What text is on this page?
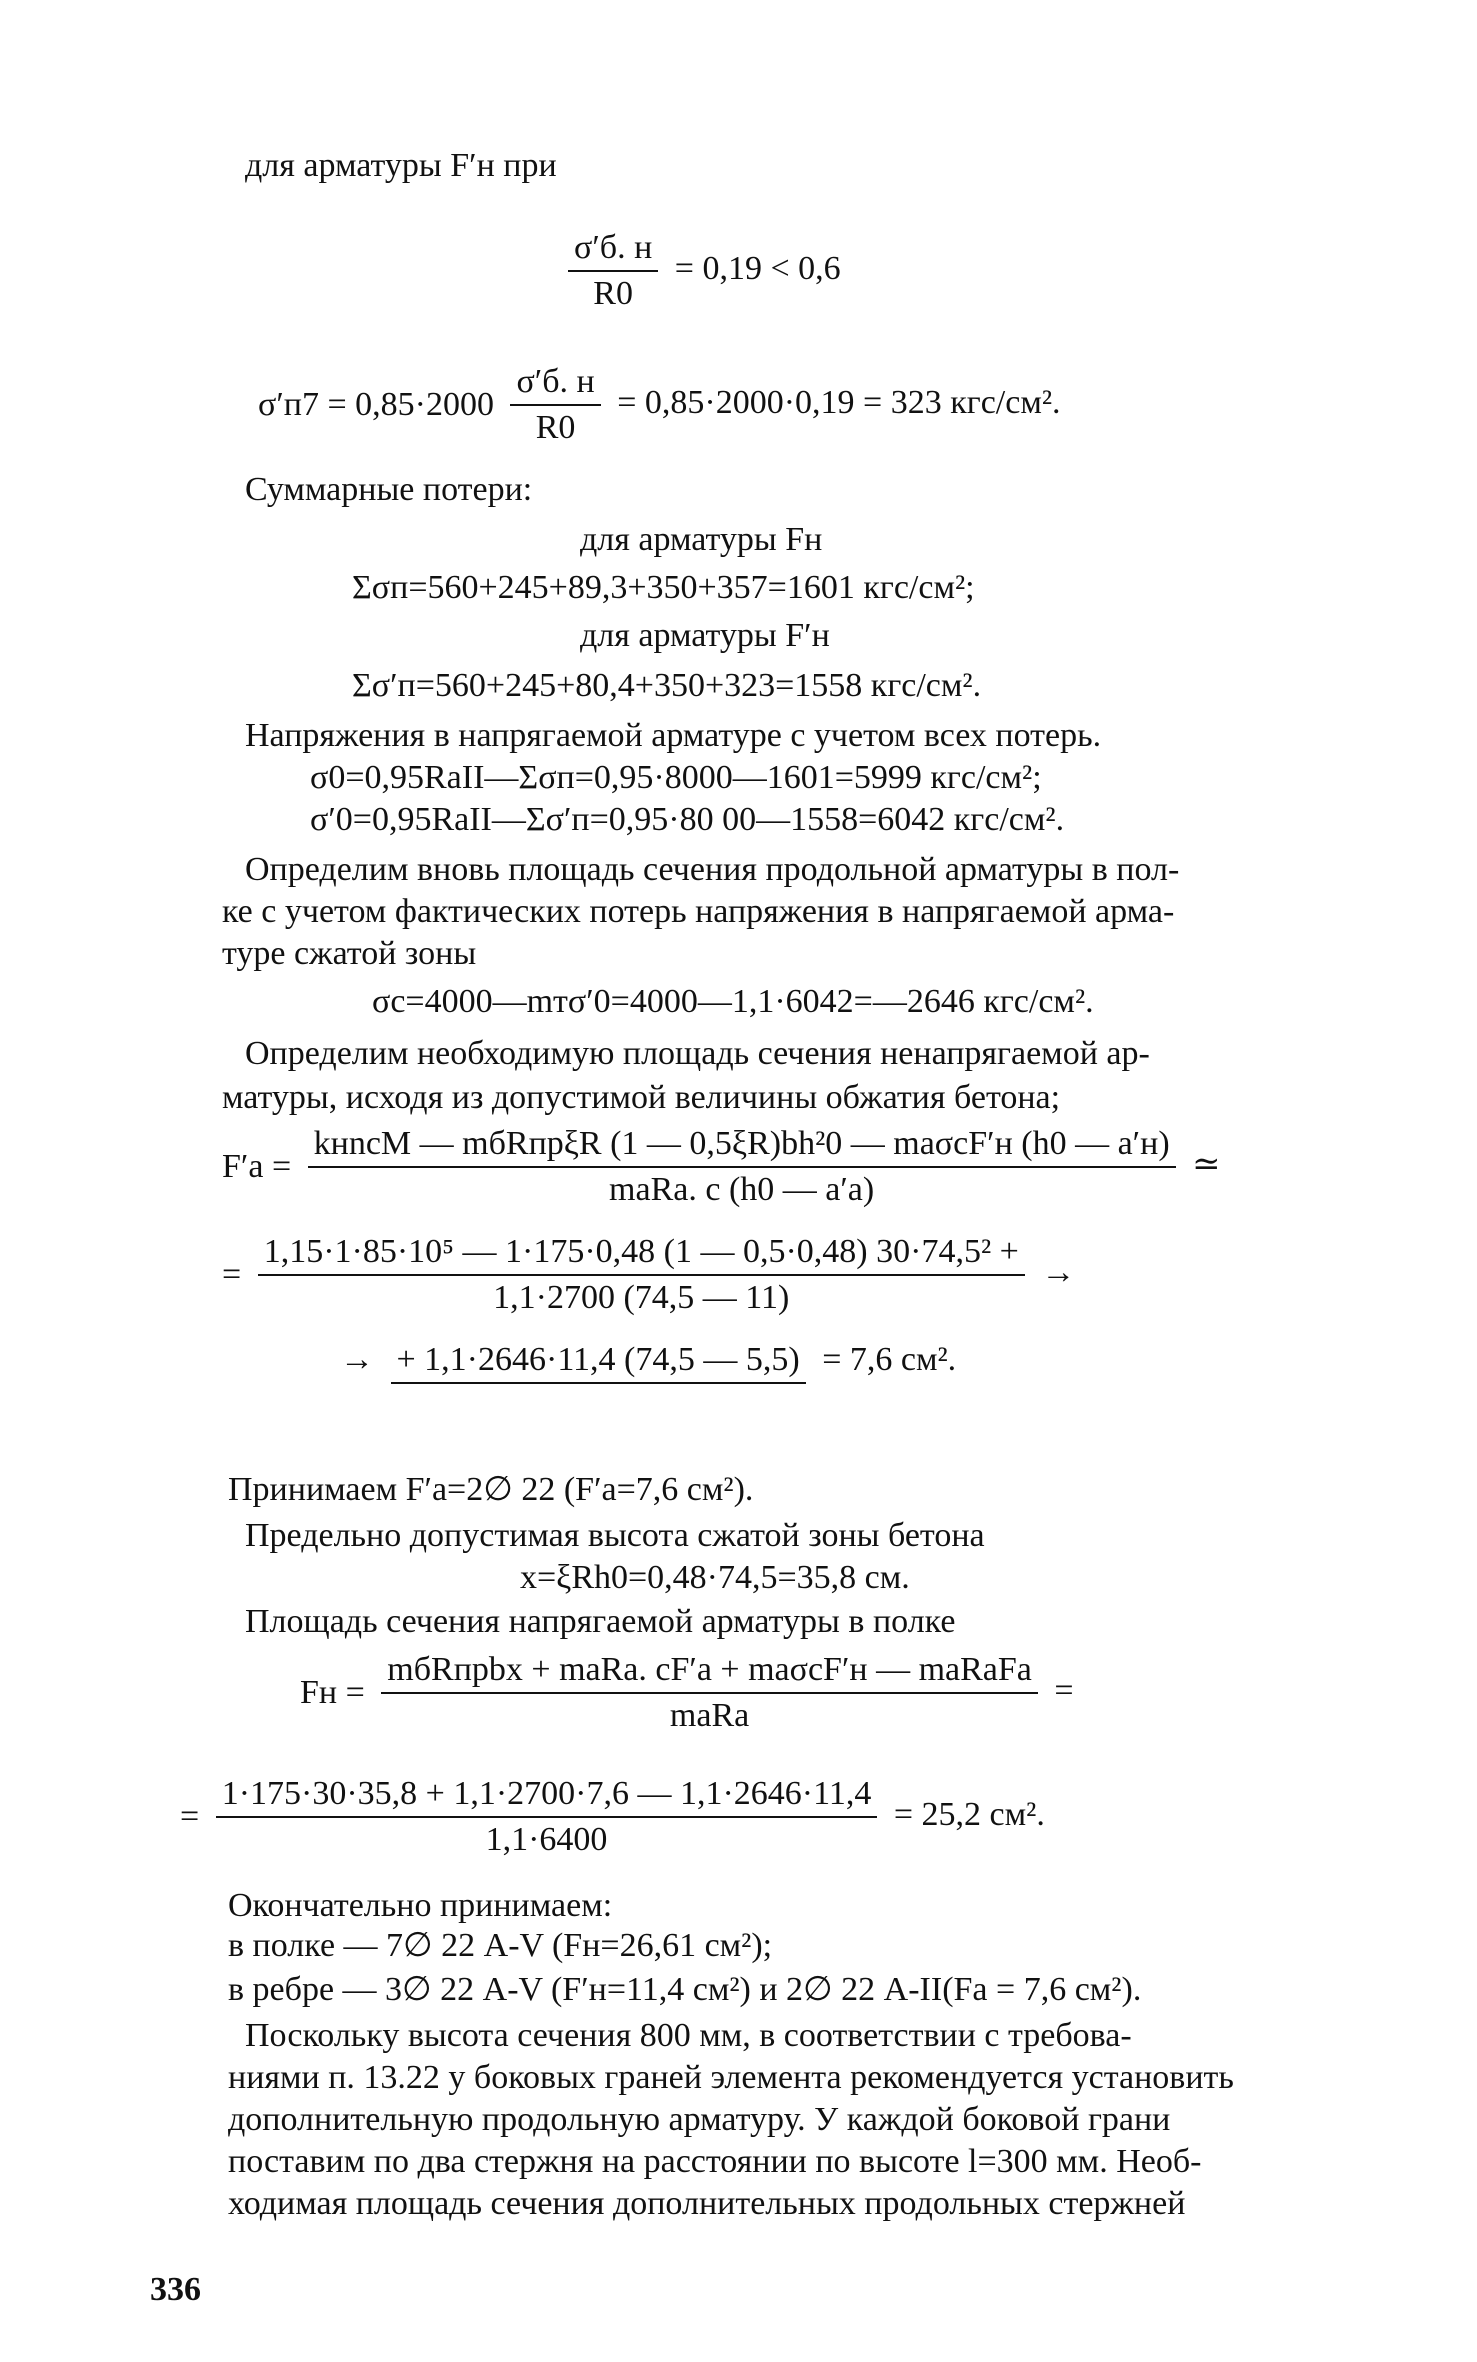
для арматуры F′н при
$\frac{\sigma'б. н}{R0} = 0,19 < 0,6$
$\sigma'п7 = 0,85\cdot 2000 \frac{\sigma'б. н}{R0} = 0,85\cdot 2000\cdot 0,19 = 323$ кгс/см².
Суммарные потери:
для арматуры Fн
Σσп=560+245+89,3+350+357=1601 кгс/см²;
для арматуры F′н
Σσ′п=560+245+80,4+350+323=1558 кгс/см².
Напряжения в напрягаемой арматуре с учетом всех потерь.
σ0=0,95RaII—Σσп=0,95·8000—1601=5999 кгс/см²;
σ′0=0,95RaII—Σσ′п=0,95·80 00—1558=6042 кгс/см².
Определим вновь площадь сечения продольной арматуры в пол-
ке с учетом фактических потерь напряжения в напрягаемой арма-
туре сжатой зоны
σс=4000—mтσ′0=4000—1,1·6042=—2646 кгс/см².
Определим необходимую площадь сечения ненапрягаемой ар-
матуры, исходя из допустимой величины обжатия бетона;
$F'a = \frac{\text{kнnсM — mбRпрξR (1 — 0,5ξR)bh²0 — maσсF′н (h0 — a′н)}}{\text{maRa. с (h0 — a′a)}}$ ≃
= $\frac{\text{1,15·1·85·10⁵ — 1·175·0,48 (1 — 0,5·0,48) 30·74,5² +}}{1,1\cdot 2700 (74,5 — 11)}$ →
→ + 1,1·2646·11,4 (74,5 — 5,5) = 7,6 см².
Принимаем F′a=2∅ 22 (F′a=7,6 см²).
Предельно допустимая высота сжатой зоны бетона
x=ξRh0=0,48·74,5=35,8 см.
Площадь сечения напрягаемой арматуры в полке
Fн = $\frac{\text{mбRпрbx + maRa. сF′a + maσсF′н — maRaFa}}{\text{maRa}}$ =
= $\frac{1\cdot 175\cdot 30\cdot 35,8 + 1,1\cdot 2700\cdot 7,6 — 1,1\cdot 2646\cdot 11,4}{1,1\cdot 6400} = 25,2$ см².
Окончательно принимаем:
в полке — 7∅ 22 A-V (Fн=26,61 см²);
в ребре — 3∅ 22 A-V (F′н=11,4 см²) и 2∅ 22 A-II(Fa = 7,6 см²).
Поскольку высота сечения 800 мм, в соответствии с требова-
ниями п. 13.22 у боковых граней элемента рекомендуется установить
дополнительную продольную арматуру. У каждой боковой грани
поставим по два стержня на расстоянии по высоте l=300 мм. Необ-
ходимая площадь сечения дополнительных продольных стержней
336
